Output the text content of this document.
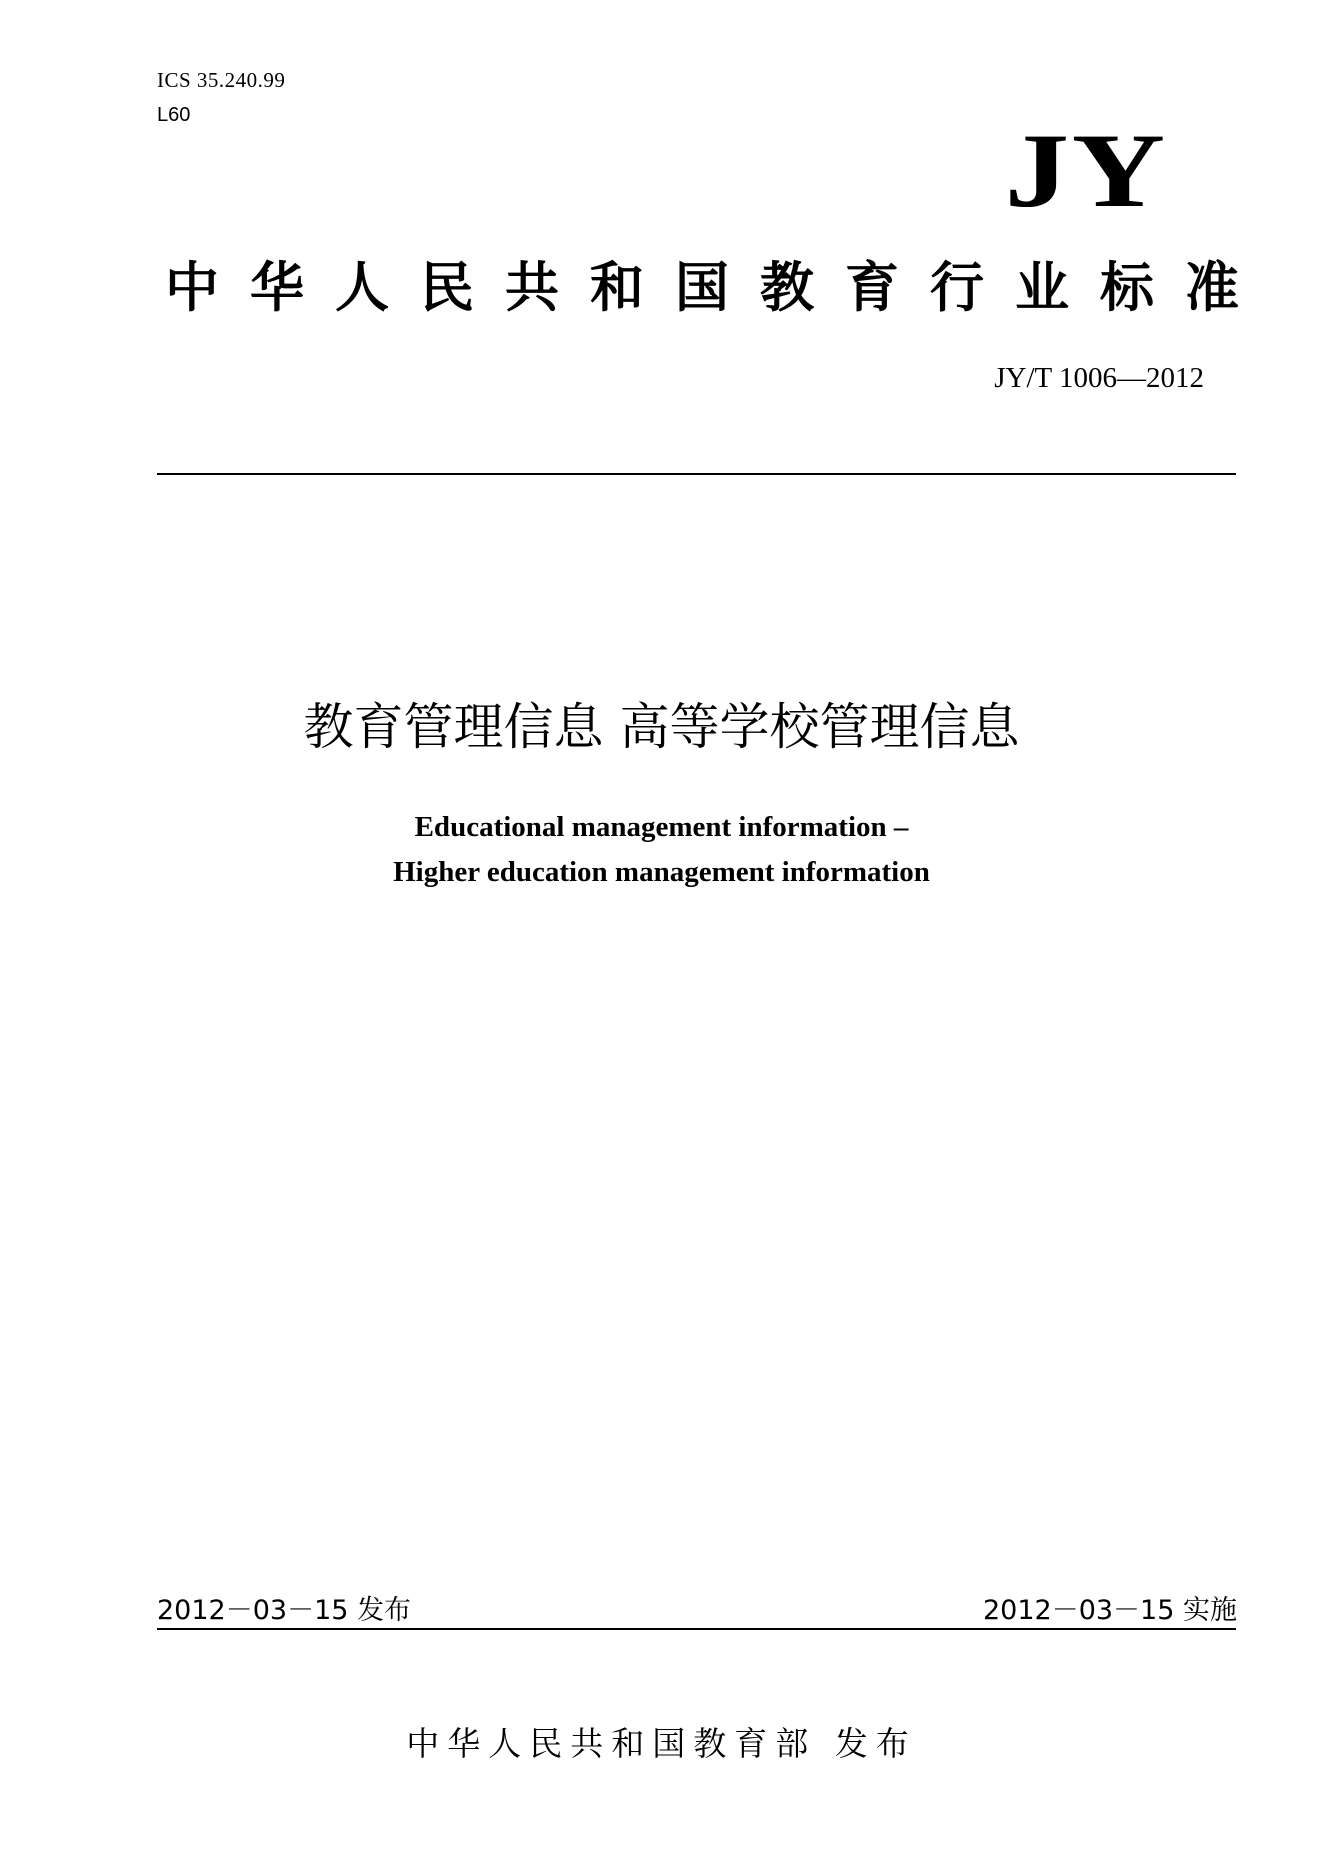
ICS 35.240.99
L60	JY
中 华 人 民 共 和 国 教 育 行 业 标 准
JY/T 1006—2012
教育管理信息 高等学校管理信息
Educational management information –
Higher education management information
2012－03－15 发布	2012－03－15 实施
中华人民共和国教育部 发布
